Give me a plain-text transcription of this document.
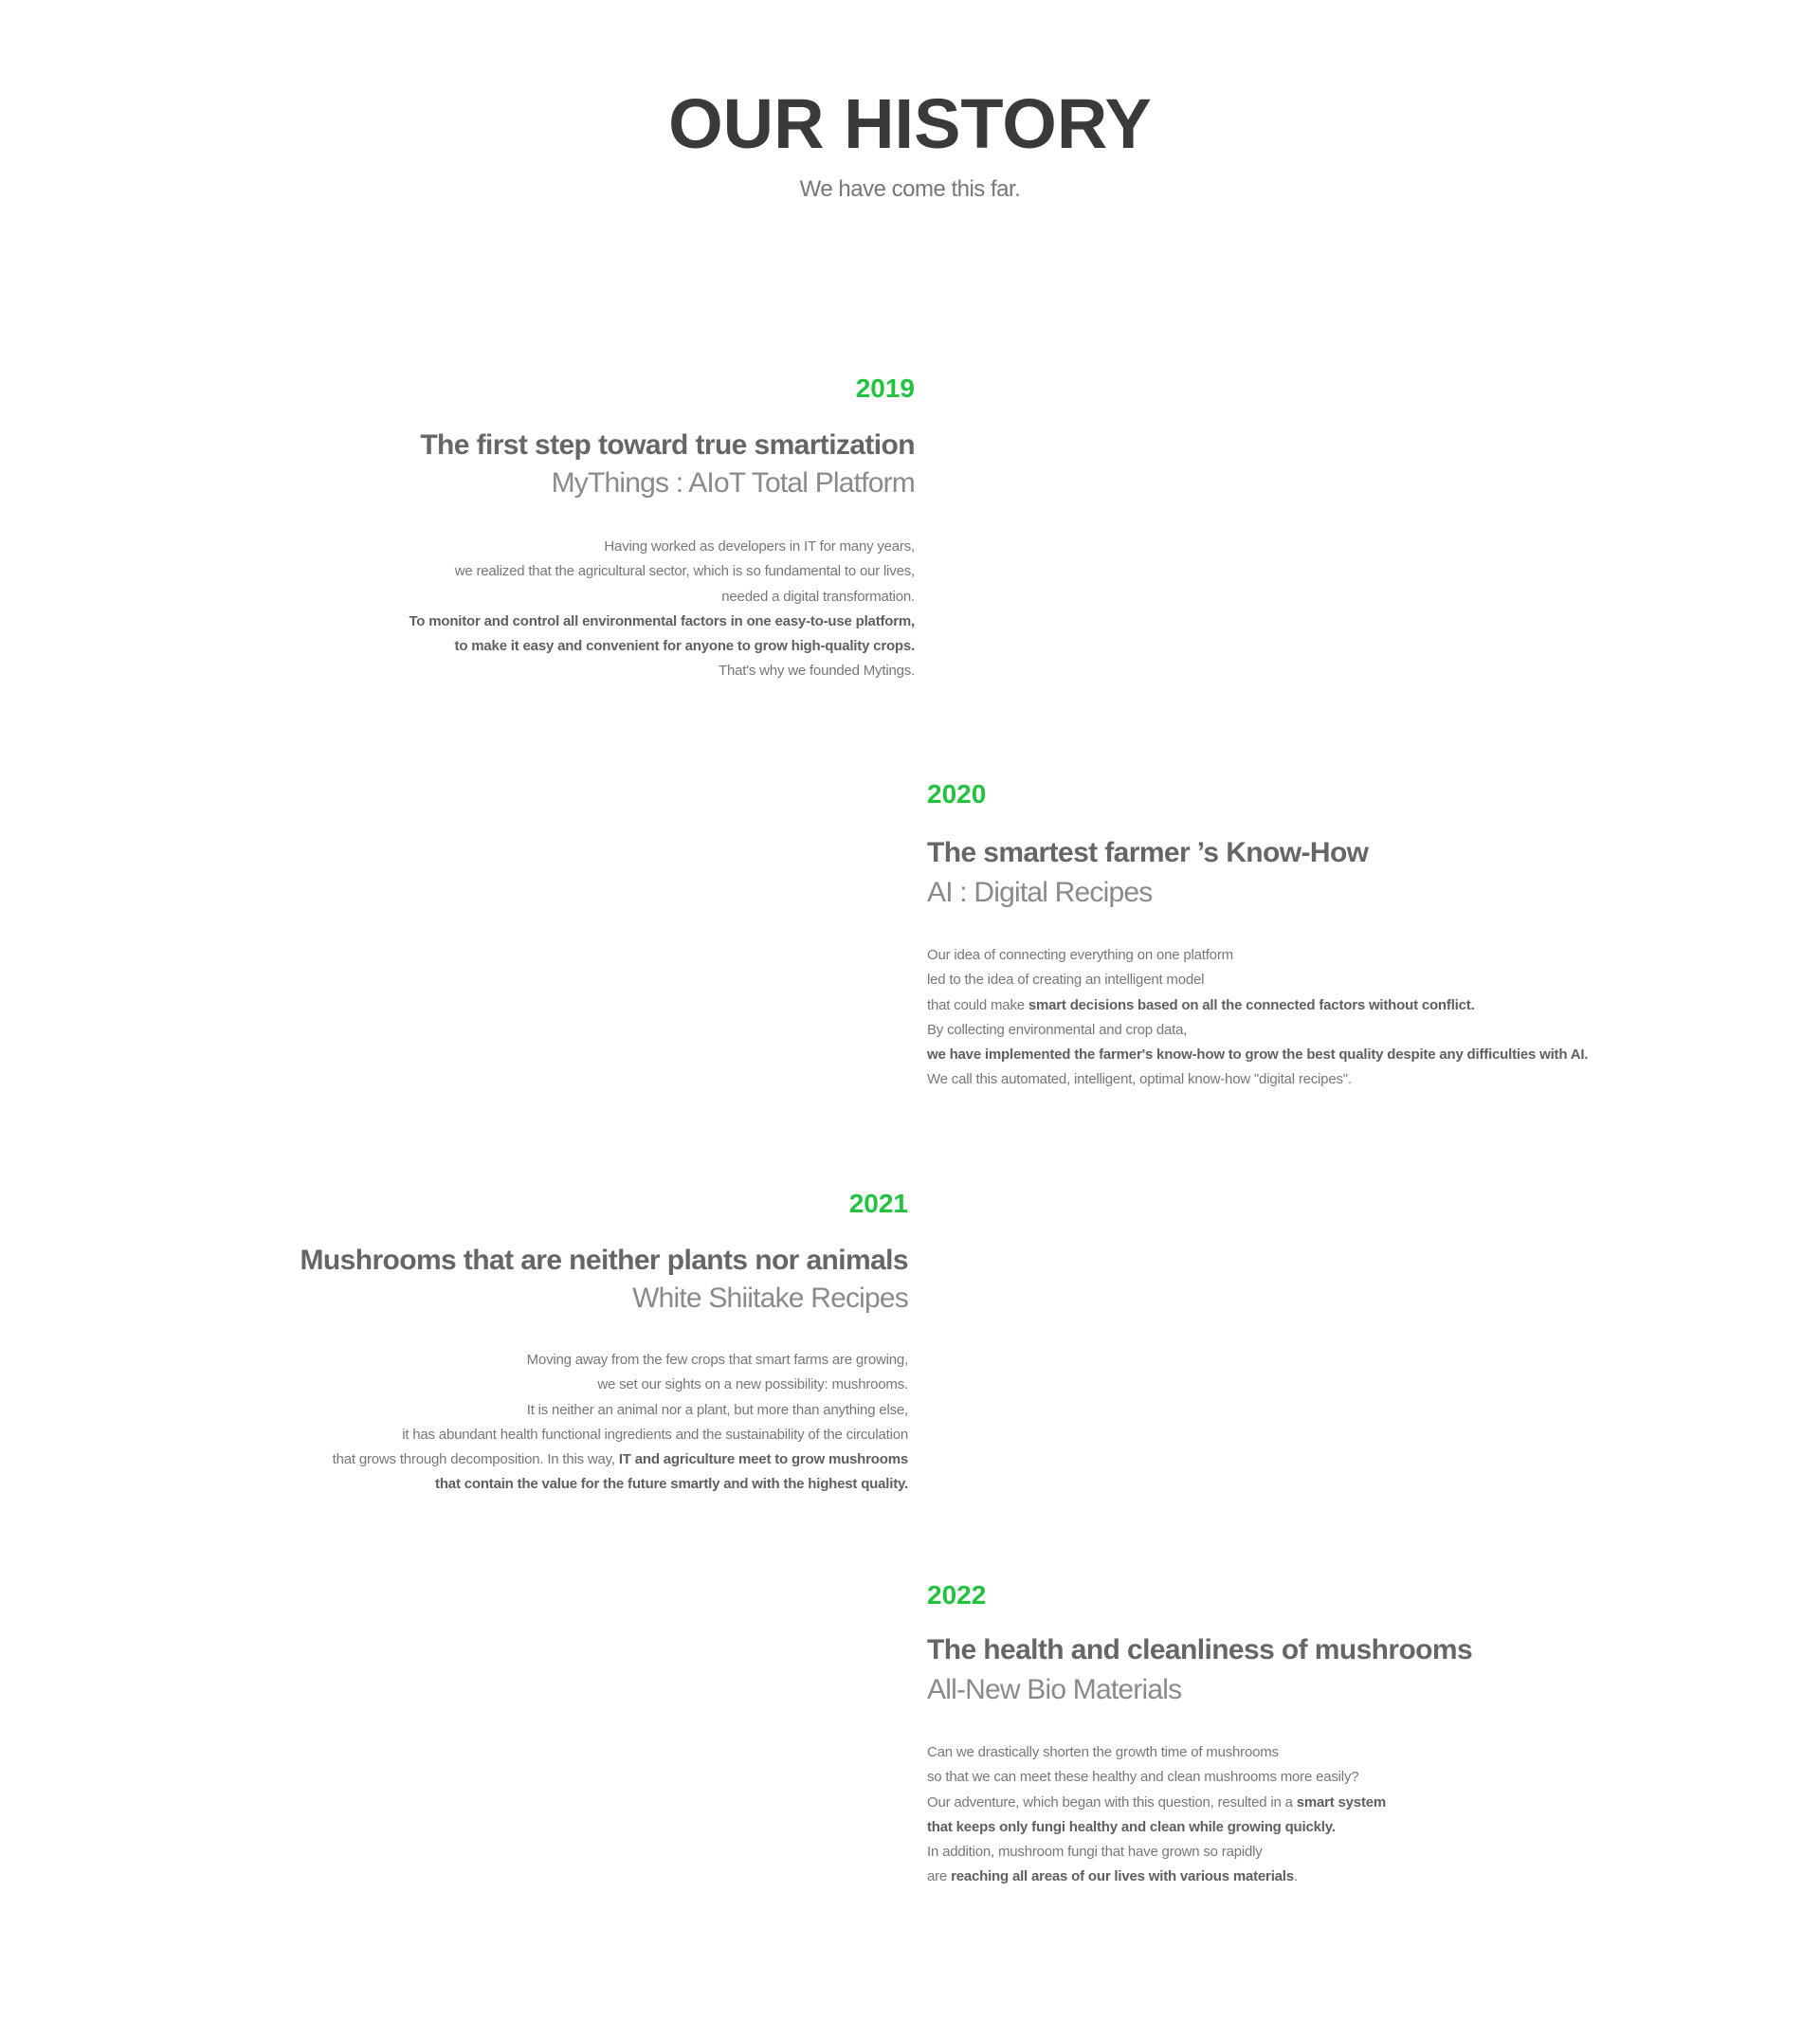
OUR HISTORY

We have come this far.

2019

The first step toward true smartization

MyThings : AIoT Total Platform

Having worked as developers in IT for many years,
we realized that the agricultural sector, which is so fundamental to our lives,
needed a digital transformation.
To monitor and control all environmental factors in one easy-to-use platform,
to make it easy and convenient for anyone to grow high-quality crops.
That's why we founded Mytings.

2020

The smartest farmer ’s Know-How

AI : Digital Recipes

Our idea of connecting everything on one platform
led to the idea of creating an intelligent model
that could make smart decisions based on all the connected factors without conflict.
By collecting environmental and crop data,
we have implemented the farmer's know-how to grow the best quality despite any difficulties with AI.
We call this automated, intelligent, optimal know-how "digital recipes".

2021

Mushrooms that are neither plants nor animals

White Shiitake Recipes

Moving away from the few crops that smart farms are growing,
we set our sights on a new possibility: mushrooms.
It is neither an animal nor a plant, but more than anything else,
it has abundant health functional ingredients and the sustainability of the circulation
that grows through decomposition. In this way, IT and agriculture meet to grow mushrooms
that contain the value for the future smartly and with the highest quality.

2022

The health and cleanliness of mushrooms

All-New Bio Materials

Can we drastically shorten the growth time of mushrooms
so that we can meet these healthy and clean mushrooms more easily?
Our adventure, which began with this question, resulted in a smart system
that keeps only fungi healthy and clean while growing quickly.
In addition, mushroom fungi that have grown so rapidly
are reaching all areas of our lives with various materials.
